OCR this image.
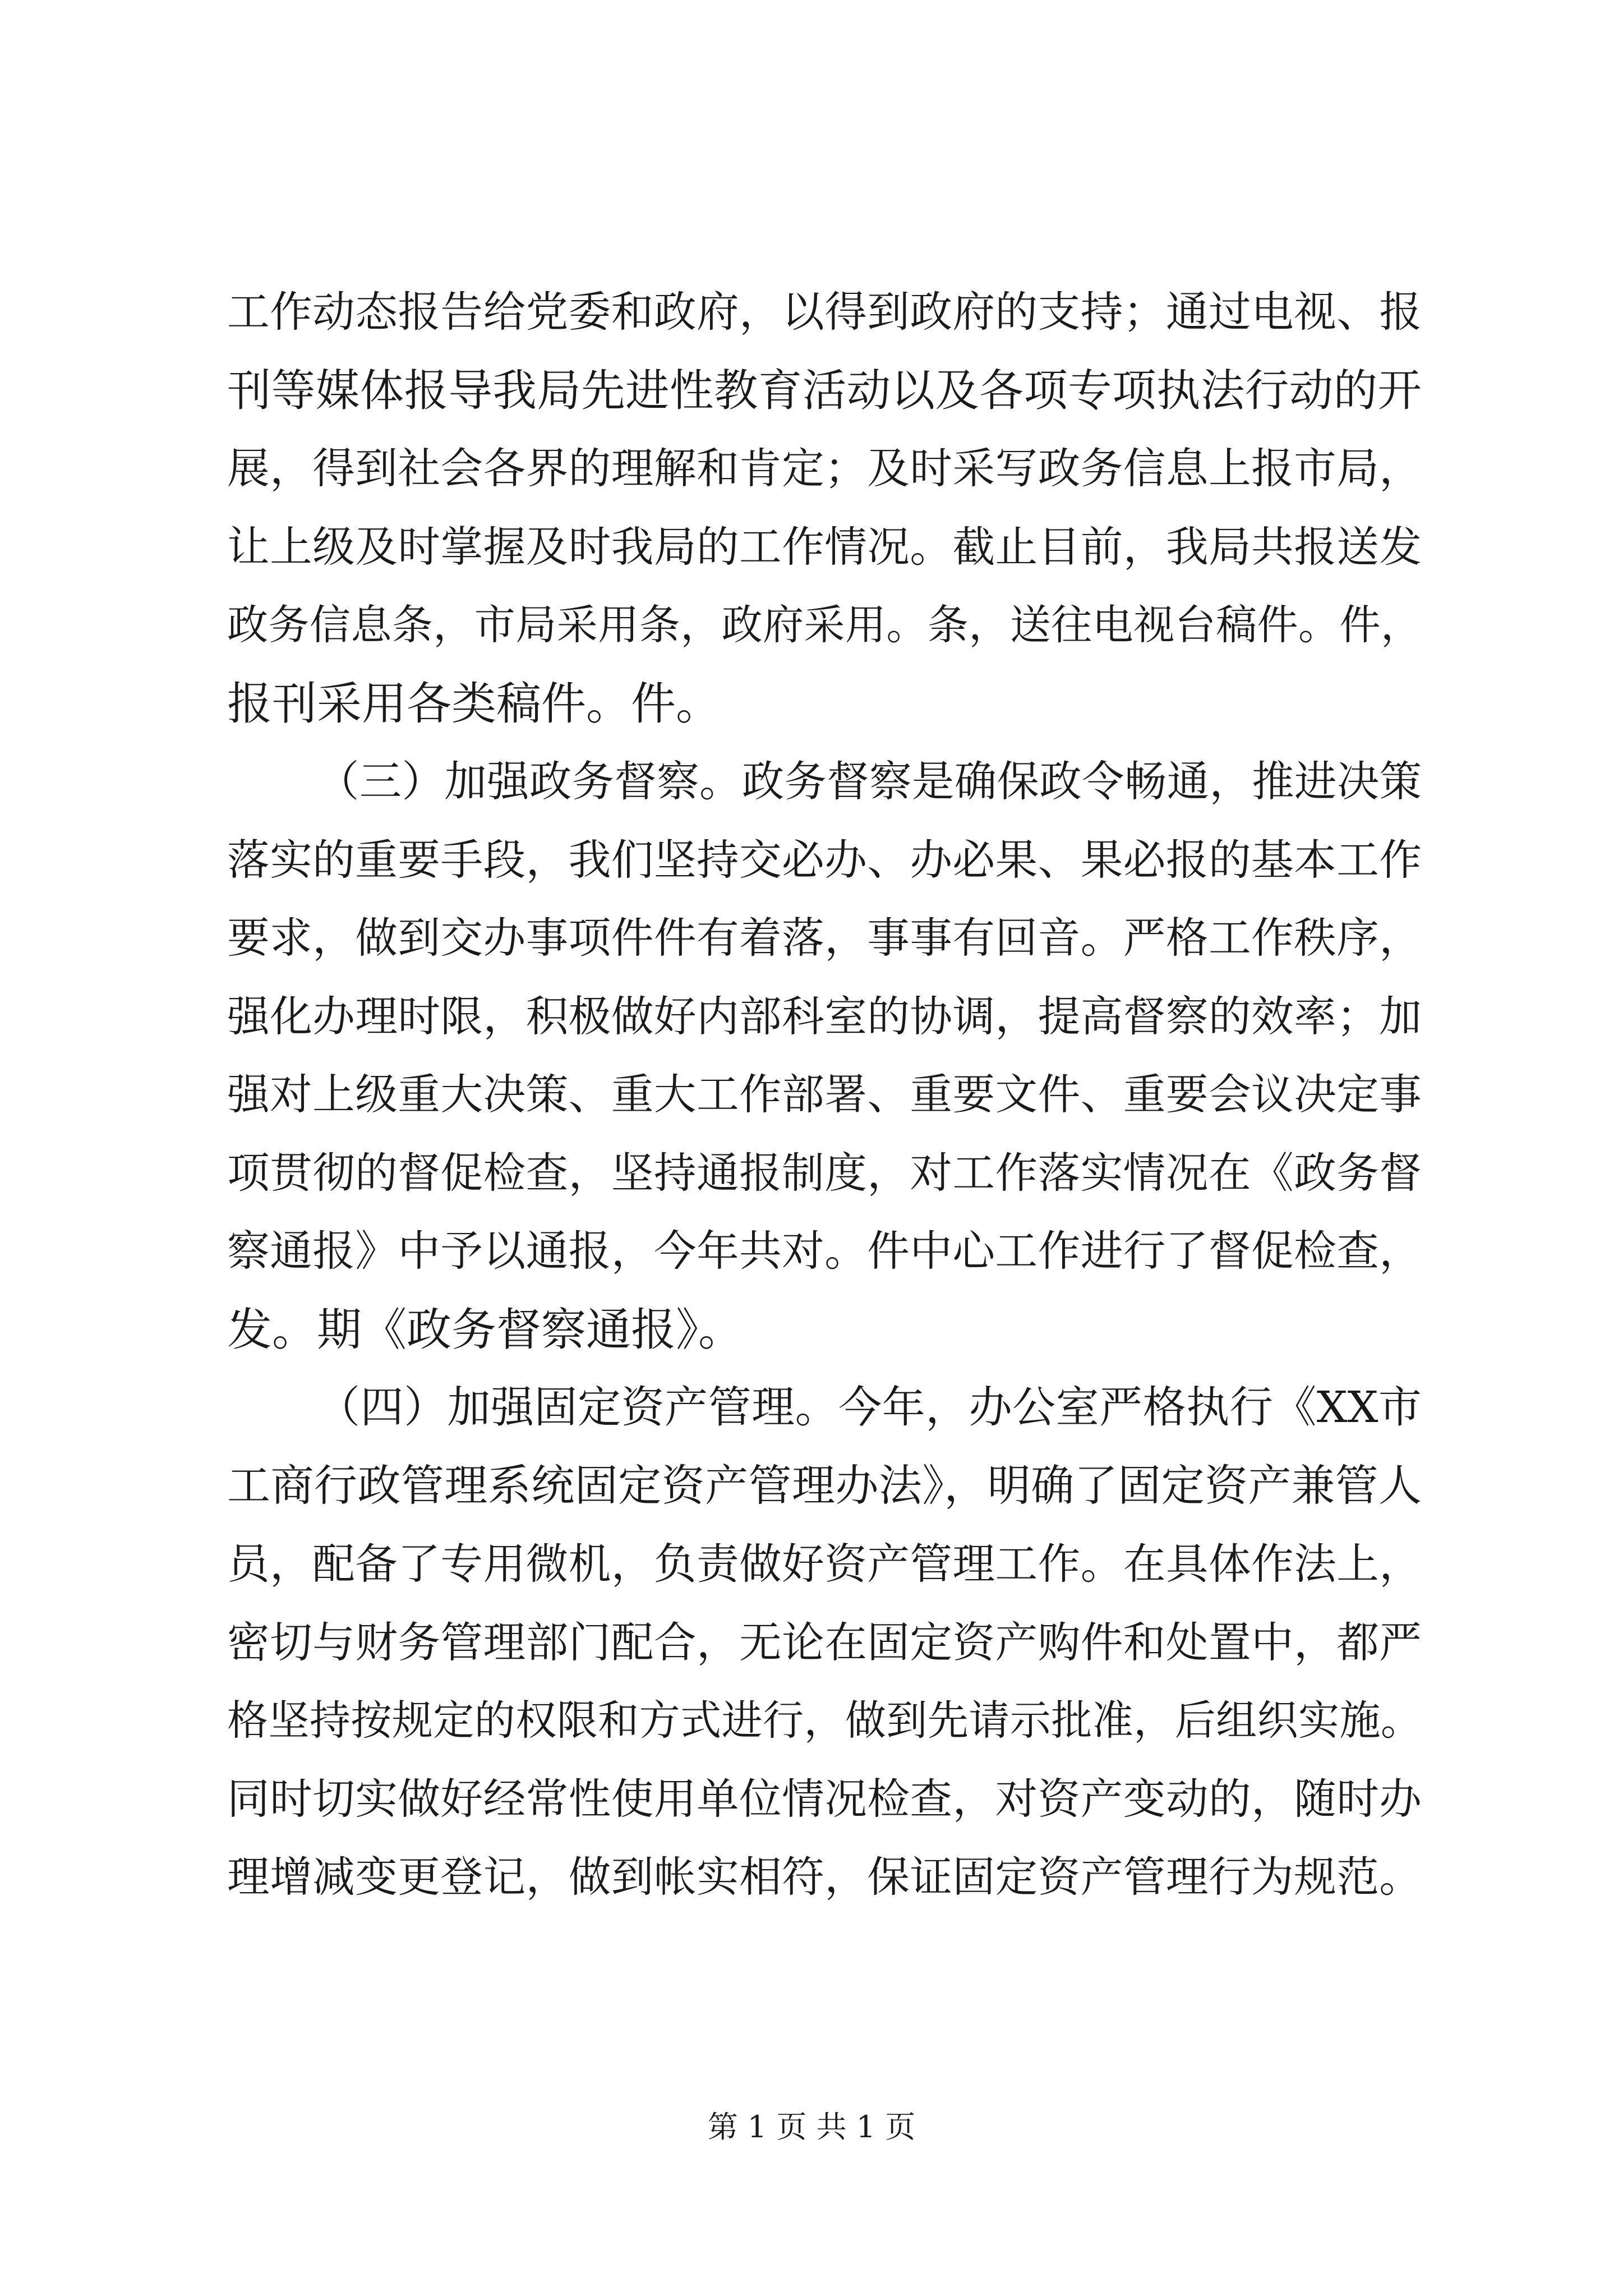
工作动态报告给党委和政府，以得到政府的支持；通过电视、报
刊等媒体报导我局先进性教育活动以及各项专项执法行动的开
展，得到社会各界的理解和肯定；及时采写政务信息上报市局，
让上级及时掌握及时我局的工作情况。截止目前，我局共报送发
政务信息条，市局采用条，政府采用。条，送往电视台稿件。件，
报刊采用各类稿件。件。
（三）加强政务督察。政务督察是确保政令畅通，推进决策
落实的重要手段，我们坚持交必办、办必果、果必报的基本工作
要求，做到交办事项件件有着落，事事有回音。严格工作秩序，
强化办理时限，积极做好内部科室的协调，提高督察的效率；加
强对上级重大决策、重大工作部署、重要文件、重要会议决定事
项贯彻的督促检查，坚持通报制度，对工作落实情况在《政务督
察通报》中予以通报，今年共对。件中心工作进行了督促检查，
发。期《政务督察通报》。
（四）加强固定资产管理。今年，办公室严格执行《XX市
工商行政管理系统固定资产管理办法》，明确了固定资产兼管人
员，配备了专用微机，负责做好资产管理工作。在具体作法上，
密切与财务管理部门配合，无论在固定资产购件和处置中，都严
格坚持按规定的权限和方式进行，做到先请示批准，后组织实施。
同时切实做好经常性使用单位情况检查，对资产变动的，随时办
理增减变更登记，做到帐实相符，保证固定资产管理行为规范。
第 1 页 共 1 页
